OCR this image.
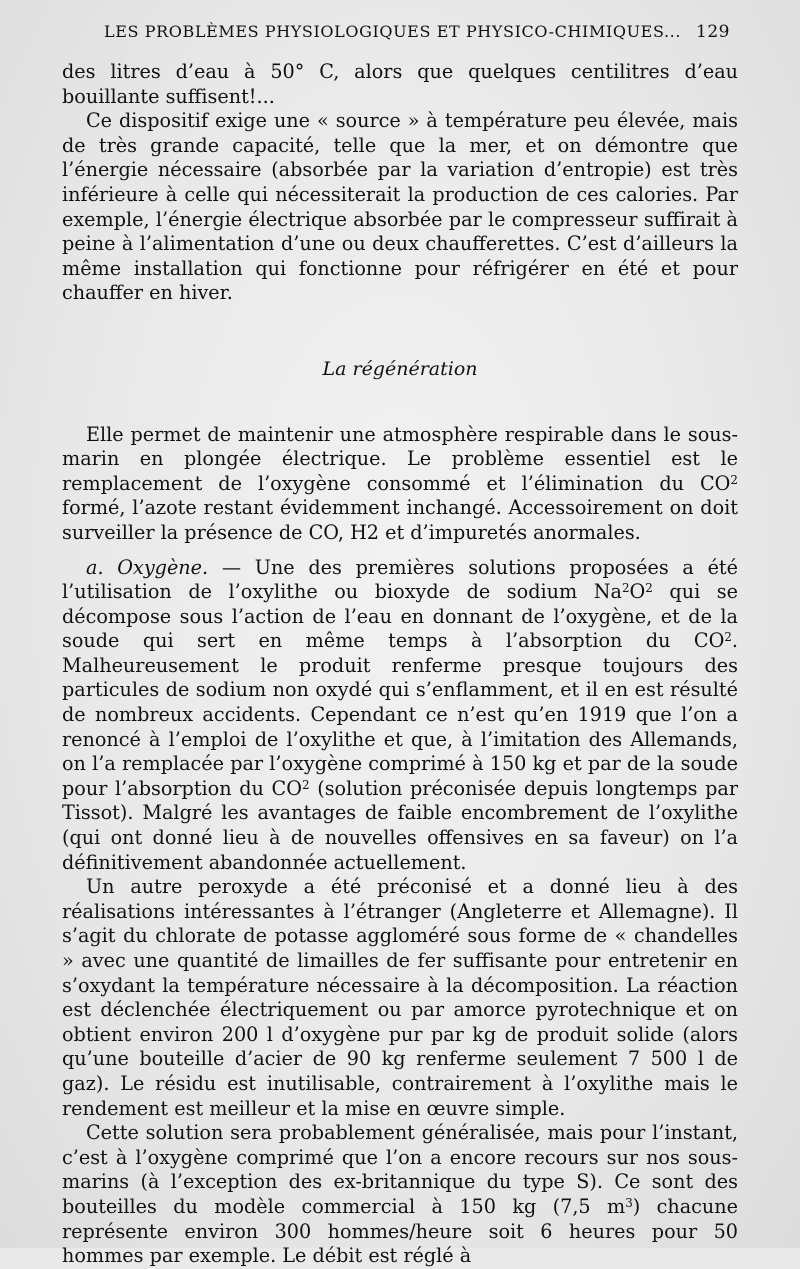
LES PROBLÈMES PHYSIOLOGIQUES ET PHYSICO-CHIMIQUES... 129

des litres d’eau à 50° C, alors que quelques centilitres d’eau bouillante suffisent!...

Ce dispositif exige une « source » à température peu élevée, mais de très grande capacité, telle que la mer, et on démontre que l’énergie nécessaire (absorbée par la variation d’entropie) est très inférieure à celle qui nécessiterait la production de ces calories. Par exemple, l’énergie électrique absorbée par le compresseur suffirait à peine à l’alimentation d’une ou deux chaufferettes. C’est d’ailleurs la même installation qui fonctionne pour réfrigérer en été et pour chauffer en hiver.

La régénération

Elle permet de maintenir une atmosphère respirable dans le sous-marin en plongée électrique. Le problème essentiel est le remplacement de l’oxygène consommé et l’élimination du $CO^2$ formé, l’azote restant évidemment inchangé. Accessoirement on doit surveiller la présence de CO, H2 et d’impuretés anormales.

a. Oxygène. — Une des premières solutions proposées a été l’utilisation de l’oxylithe ou bioxyde de sodium $Na^2O^2$ qui se décompose sous l’action de l’eau en donnant de l’oxygène, et de la soude qui sert en même temps à l’absorption du $CO^2$. Malheureusement le produit renferme presque toujours des particules de sodium non oxydé qui s’enflamment, et il en est résulté de nombreux accidents. Cependant ce n’est qu’en 1919 que l’on a renoncé à l’emploi de l’oxylithe et que, à l’imitation des Allemands, on l’a remplacée par l’oxygène comprimé à 150 kg et par de la soude pour l’absorption du $CO^2$ (solution préconisée depuis longtemps par Tissot). Malgré les avantages de faible encombrement de l’oxylithe (qui ont donné lieu à de nouvelles offensives en sa faveur) on l’a définitivement abandonnée actuellement.

Un autre peroxyde a été préconisé et a donné lieu à des réalisations intéressantes à l’étranger (Angleterre et Allemagne). Il s’agit du chlorate de potasse aggloméré sous forme de « chandelles » avec une quantité de limailles de fer suffisante pour entretenir en s’oxydant la température nécessaire à la décomposition. La réaction est déclenchée électriquement ou par amorce pyrotechnique et on obtient environ 200 l d’oxygène pur par kg de produit solide (alors qu’une bouteille d’acier de 90 kg renferme seulement 7 500 l de gaz). Le résidu est inutilisable, contrairement à l’oxylithe mais le rendement est meilleur et la mise en œuvre simple.

Cette solution sera probablement généralisée, mais pour l’instant, c’est à l’oxygène comprimé que l’on a encore recours sur nos sous-marins (à l’exception des ex-britannique du type S). Ce sont des bouteilles du modèle commercial à 150 kg (7,5 $m^3$) chacune représente environ 300 hommes/heure soit 6 heures pour 50 hommes par exemple. Le débit est réglé à
